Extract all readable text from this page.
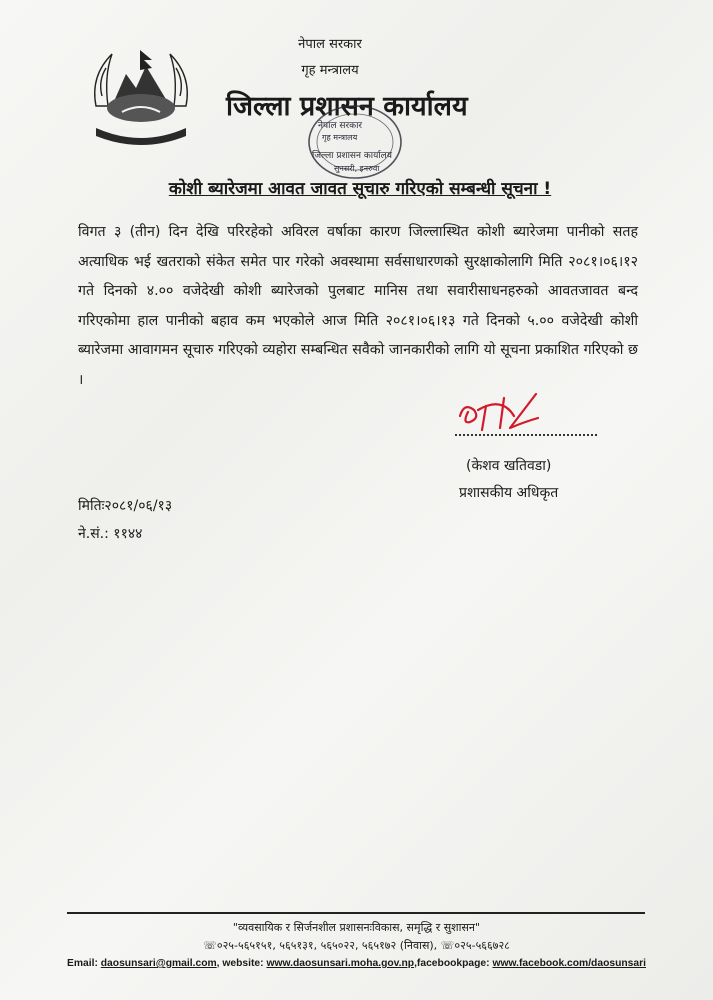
जननी जन्मभूमिश्च स्वर्गादपि गरीयसी
नेपाल सरकार
गृह मन्त्रालय
जिल्ला प्रशासन कार्यालय
नेपाल सरकार
गृह मन्त्रालय
जिल्ला प्रशासन कार्यालय
सुनसरी, इनरुवा
कोशी ब्यारेजमा आवत जावत सूचारु गरिएको सम्बन्धी सूचना !
विगत ३ (तीन) दिन देखि परिरहेको अविरल वर्षाका कारण जिल्लास्थित कोशी ब्यारेजमा पानीको सतह अत्याधिक भई खतराको संकेत समेत पार गरेको अवस्थामा सर्वसाधारणको सुरक्षाकोलागि मिति २०८१।०६।१२ गते दिनको ४.०० वजेदेखी कोशी ब्यारेजको पुलबाट मानिस तथा सवारीसाधनहरुको आवतजावत बन्द गरिएकोमा हाल पानीको बहाव कम भएकोले आज मिति २०८१।०६।१३ गते दिनको ५.०० वजेदेखी कोशी ब्यारेजमा आवागमन सूचारु गरिएको व्यहोरा सम्बन्धित सवैको जानकारीको लागि यो सूचना प्रकाशित गरिएको छ ।
(केशव खतिवडा)
प्रशासकीय अधिकृत
मितिः२०८१/०६/१३
ने.सं.: ११४४
"व्यवसायिक र सिर्जनशील प्रशासनःविकास, समृद्धि र सुशासन"
☏०२५-५६५१५१, ५६५१३१, ५६५०२२, ५६५१७२ (निवास), ☏०२५-५६६७२८
Email: daosunsari@gmail.com, website: www.daosunsari.moha.gov.np,facebookpage: www.facebook.com/daosunsari
